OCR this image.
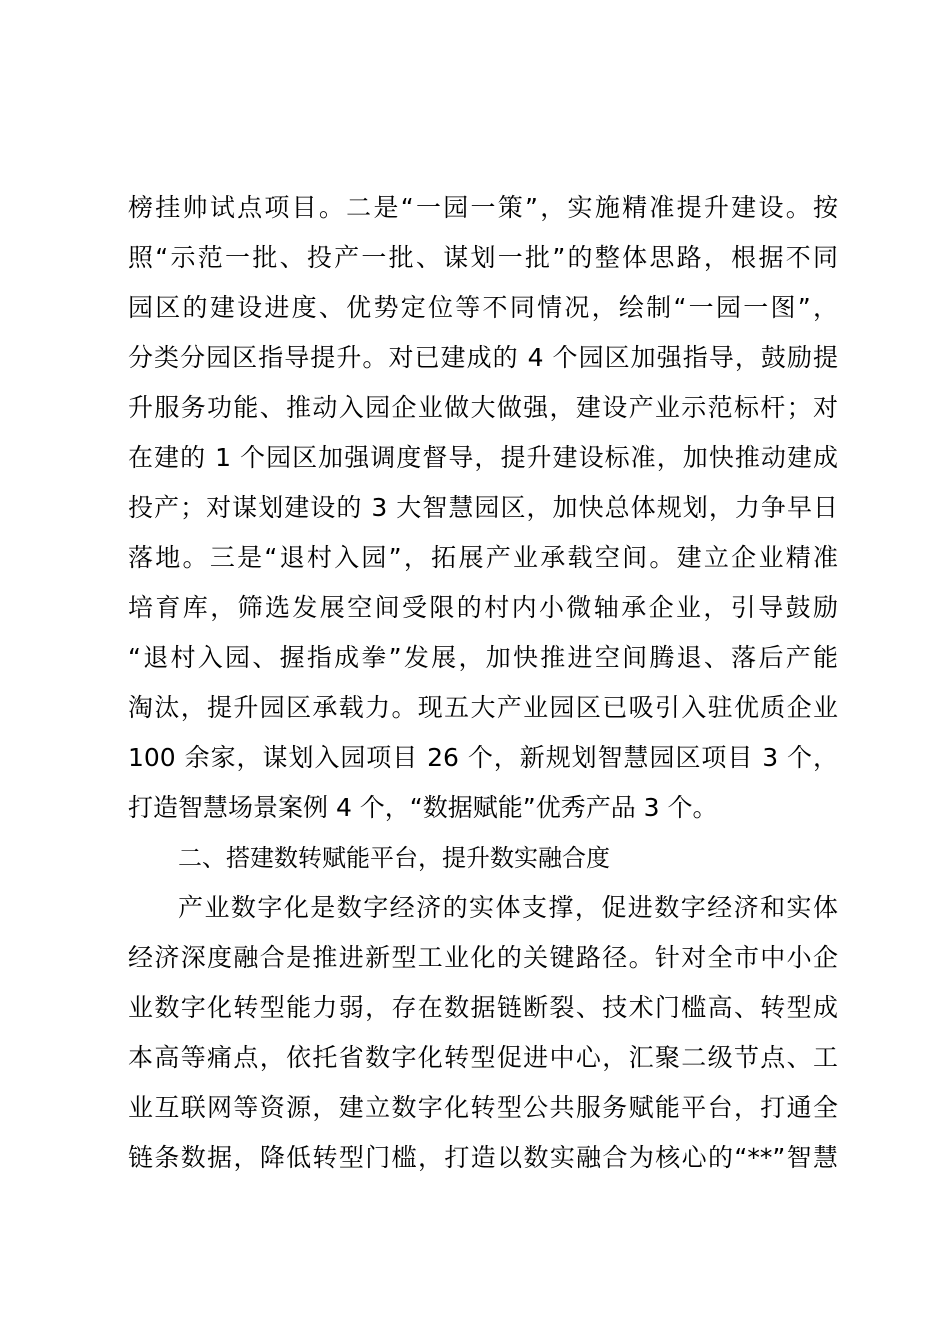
榜挂帅试点项目。二是“一园一策”，实施精准提升建设。按
照“示范一批、投产一批、谋划一批”的整体思路，根据不同
园区的建设进度、优势定位等不同情况，绘制“一园一图”，
分类分园区指导提升。对已建成的 4 个园区加强指导，鼓励提
升服务功能、推动入园企业做大做强，建设产业示范标杆；对
在建的 1 个园区加强调度督导，提升建设标准，加快推动建成
投产；对谋划建设的 3 大智慧园区，加快总体规划，力争早日
落地。三是“退村入园”，拓展产业承载空间。建立企业精准
培育库，筛选发展空间受限的村内小微轴承企业，引导鼓励
“退村入园、握指成拳”发展，加快推进空间腾退、落后产能
淘汰，提升园区承载力。现五大产业园区已吸引入驻优质企业
100 余家，谋划入园项目 26 个，新规划智慧园区项目 3 个，
打造智慧场景案例 4 个，“数据赋能”优秀产品 3 个。
二、搭建数转赋能平台，提升数实融合度
产业数字化是数字经济的实体支撑，促进数字经济和实体
经济深度融合是推进新型工业化的关键路径。针对全市中小企
业数字化转型能力弱，存在数据链断裂、技术门槛高、转型成
本高等痛点，依托省数字化转型促进中心，汇聚二级节点、工
业互联网等资源，建立数字化转型公共服务赋能平台，打通全
链条数据，降低转型门槛，打造以数实融合为核心的“**”智慧
